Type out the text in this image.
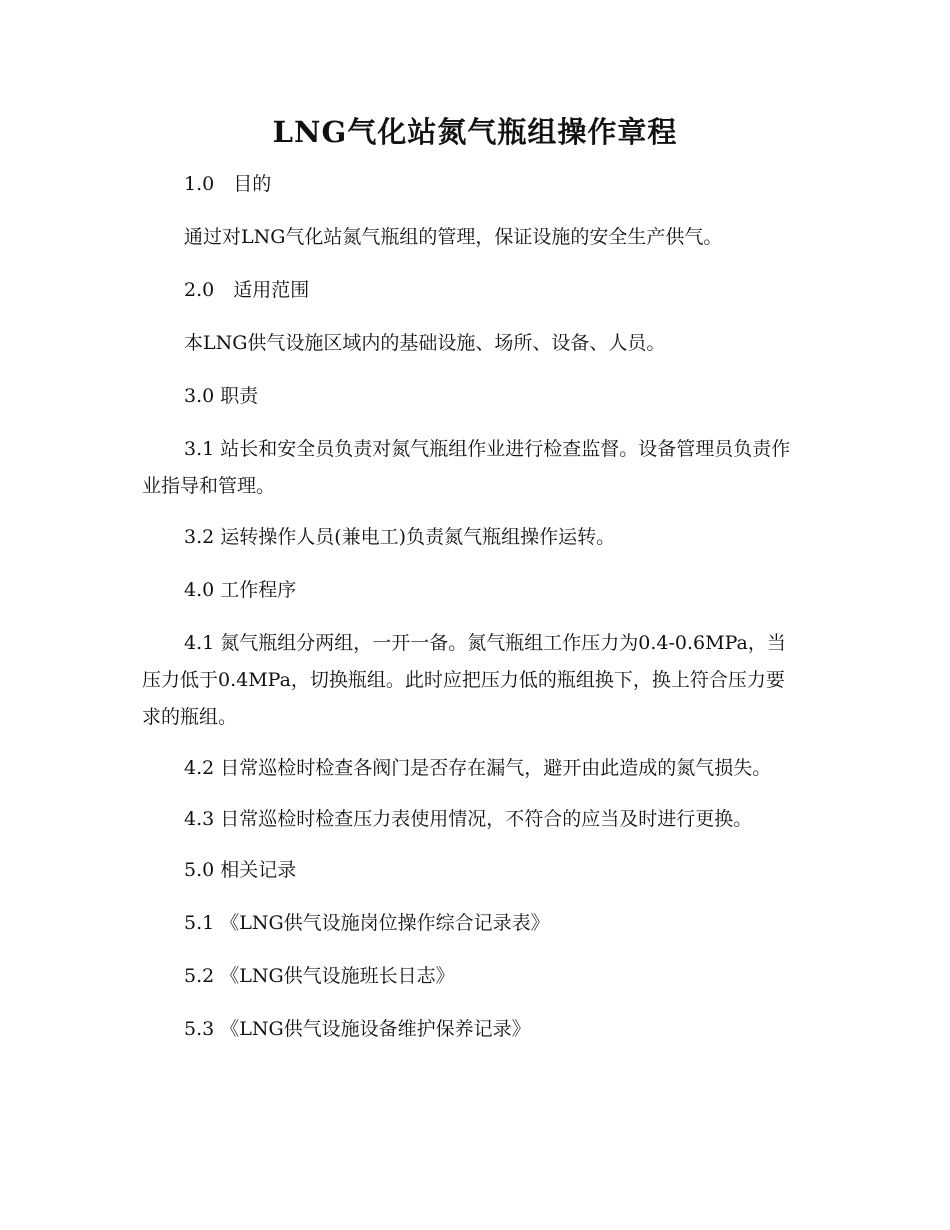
LNG气化站氮气瓶组操作章程

1.0　目的

通过对LNG气化站氮气瓶组的管理，保证设施的安全生产供气。

2.0　适用范围

本LNG供气设施区域内的基础设施、场所、设备、人员。

3.0 职责

3.1 站长和安全员负责对氮气瓶组作业进行检查监督。设备管理员负责作业指导和管理。

3.2 运转操作人员(兼电工)负责氮气瓶组操作运转。

4.0 工作程序

4.1 氮气瓶组分两组，一开一备。氮气瓶组工作压力为0.4-0.6MPa，当压力低于0.4MPa，切换瓶组。此时应把压力低的瓶组换下，换上符合压力要求的瓶组。

4.2 日常巡检时检查各阀门是否存在漏气，避开由此造成的氮气损失。

4.3 日常巡检时检查压力表使用情况，不符合的应当及时进行更换。

5.0 相关记录

5.1 《LNG供气设施岗位操作综合记录表》

5.2 《LNG供气设施班长日志》

5.3 《LNG供气设施设备维护保养记录》
